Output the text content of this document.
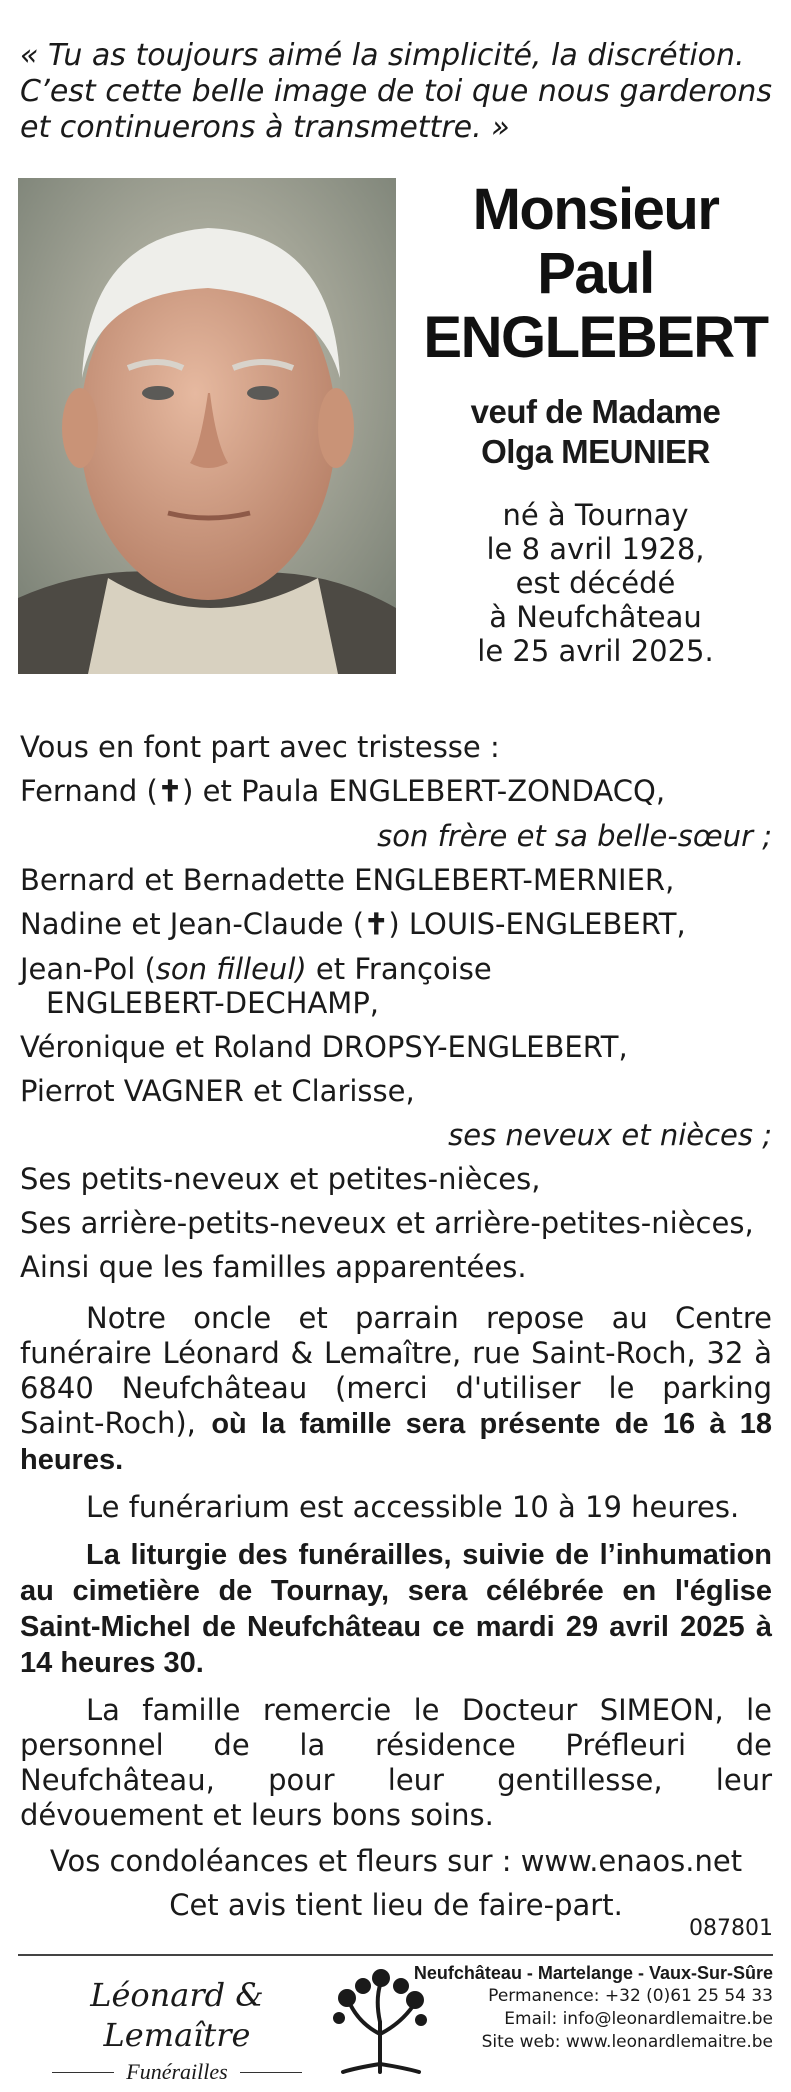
« Tu as toujours aimé la simplicité, la discrétion.
C’est cette belle image de toi que nous garderons
et continuerons à transmettre. »

Monsieur
Paul
ENGLEBERT
veuf de Madame
Olga MEUNIER
né à Tournay
le 8 avril 1928,
est décédé
à Neufchâteau
le 25 avril 2025.

Vous en font part avec tristesse :

Fernand (✝) et Paula ENGLEBERT-ZONDACQ,

son frère et sa belle-sœur ;

Bernard et Bernadette ENGLEBERT-MERNIER,

Nadine et Jean-Claude (✝) LOUIS-ENGLEBERT,

Jean-Pol (son filleul) et Françoise

ENGLEBERT-DECHAMP,

Véronique et Roland DROPSY-ENGLEBERT,

Pierrot VAGNER et Clarisse,

ses neveux et nièces ;

Ses petits-neveux et petites-nièces,

Ses arrière-petits-neveux et arrière-petites-nièces,

Ainsi que les familles apparentées.

Notre oncle et parrain repose au Centre funéraire Léonard & Lemaître, rue Saint-Roch, 32 à 6840 Neufchâteau (merci d'utiliser le parking Saint-Roch), où la famille sera présente de 16 à 18 heures.

Le funérarium est accessible 10 à 19 heures.

La liturgie des funérailles, suivie de l’inhumation au cimetière de Tournay, sera célébrée en l'église Saint-Michel de Neufchâteau ce mardi 29 avril 2025 à 14 heures 30.

La famille remercie le Docteur SIMEON, le personnel de la résidence Préfleuri de Neufchâteau, pour leur gentillesse, leur dévouement et leurs bons soins.

Vos condoléances et fleurs sur : www.enaos.net

Cet avis tient lieu de faire-part.

087801
Léonard & Lemaître
Funérailles
Neufchâteau - Martelange - Vaux-Sur-Sûre
Permanence: +32 (0)61 25 54 33
Email: info@leonardlemaitre.be
Site web: www.leonardlemaitre.be
